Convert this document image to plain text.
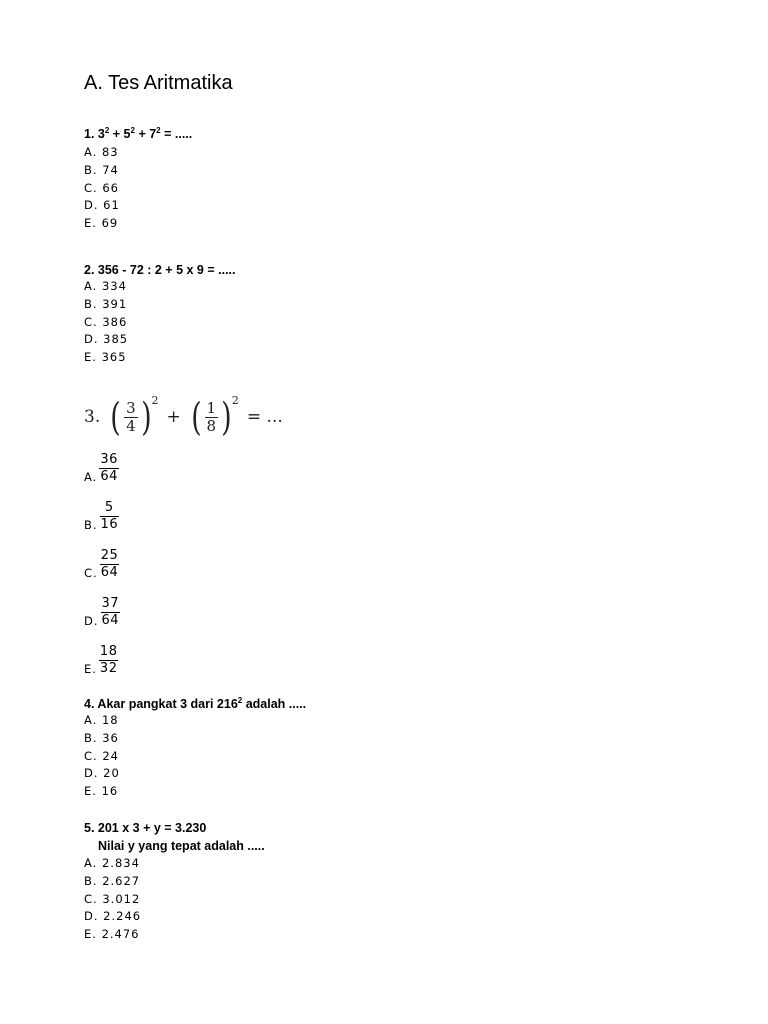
A. Tes Aritmatika
1. $3^2 + 5^2 + 7^2$ = .....
A. 83
B. 74
C. 66
D. 61
E. 69
2. 356 - 72 : 2 + 5 x 9 = .....
A. 334
B. 391
C. 386
D. 385
E. 365
3. ( $\frac{3}{4}$ ) 2
+ ( $\frac{1}{8}$ ) 2
= ...
A. $\frac{36}{64}$
B. $\frac{5}{16}$
C. $\frac{25}{64}$
D. $\frac{37}{64}$
E. $\frac{18}{32}$
4. Akar pangkat 3 dari $216^2$ adalah .....
A. 18
B. 36
C. 24
D. 20
E. 16
5. 201 x 3 + y = 3.230
Nilai y yang tepat adalah .....
A. 2.834
B. 2.627
C. 3.012
D. 2.246
E. 2.476
